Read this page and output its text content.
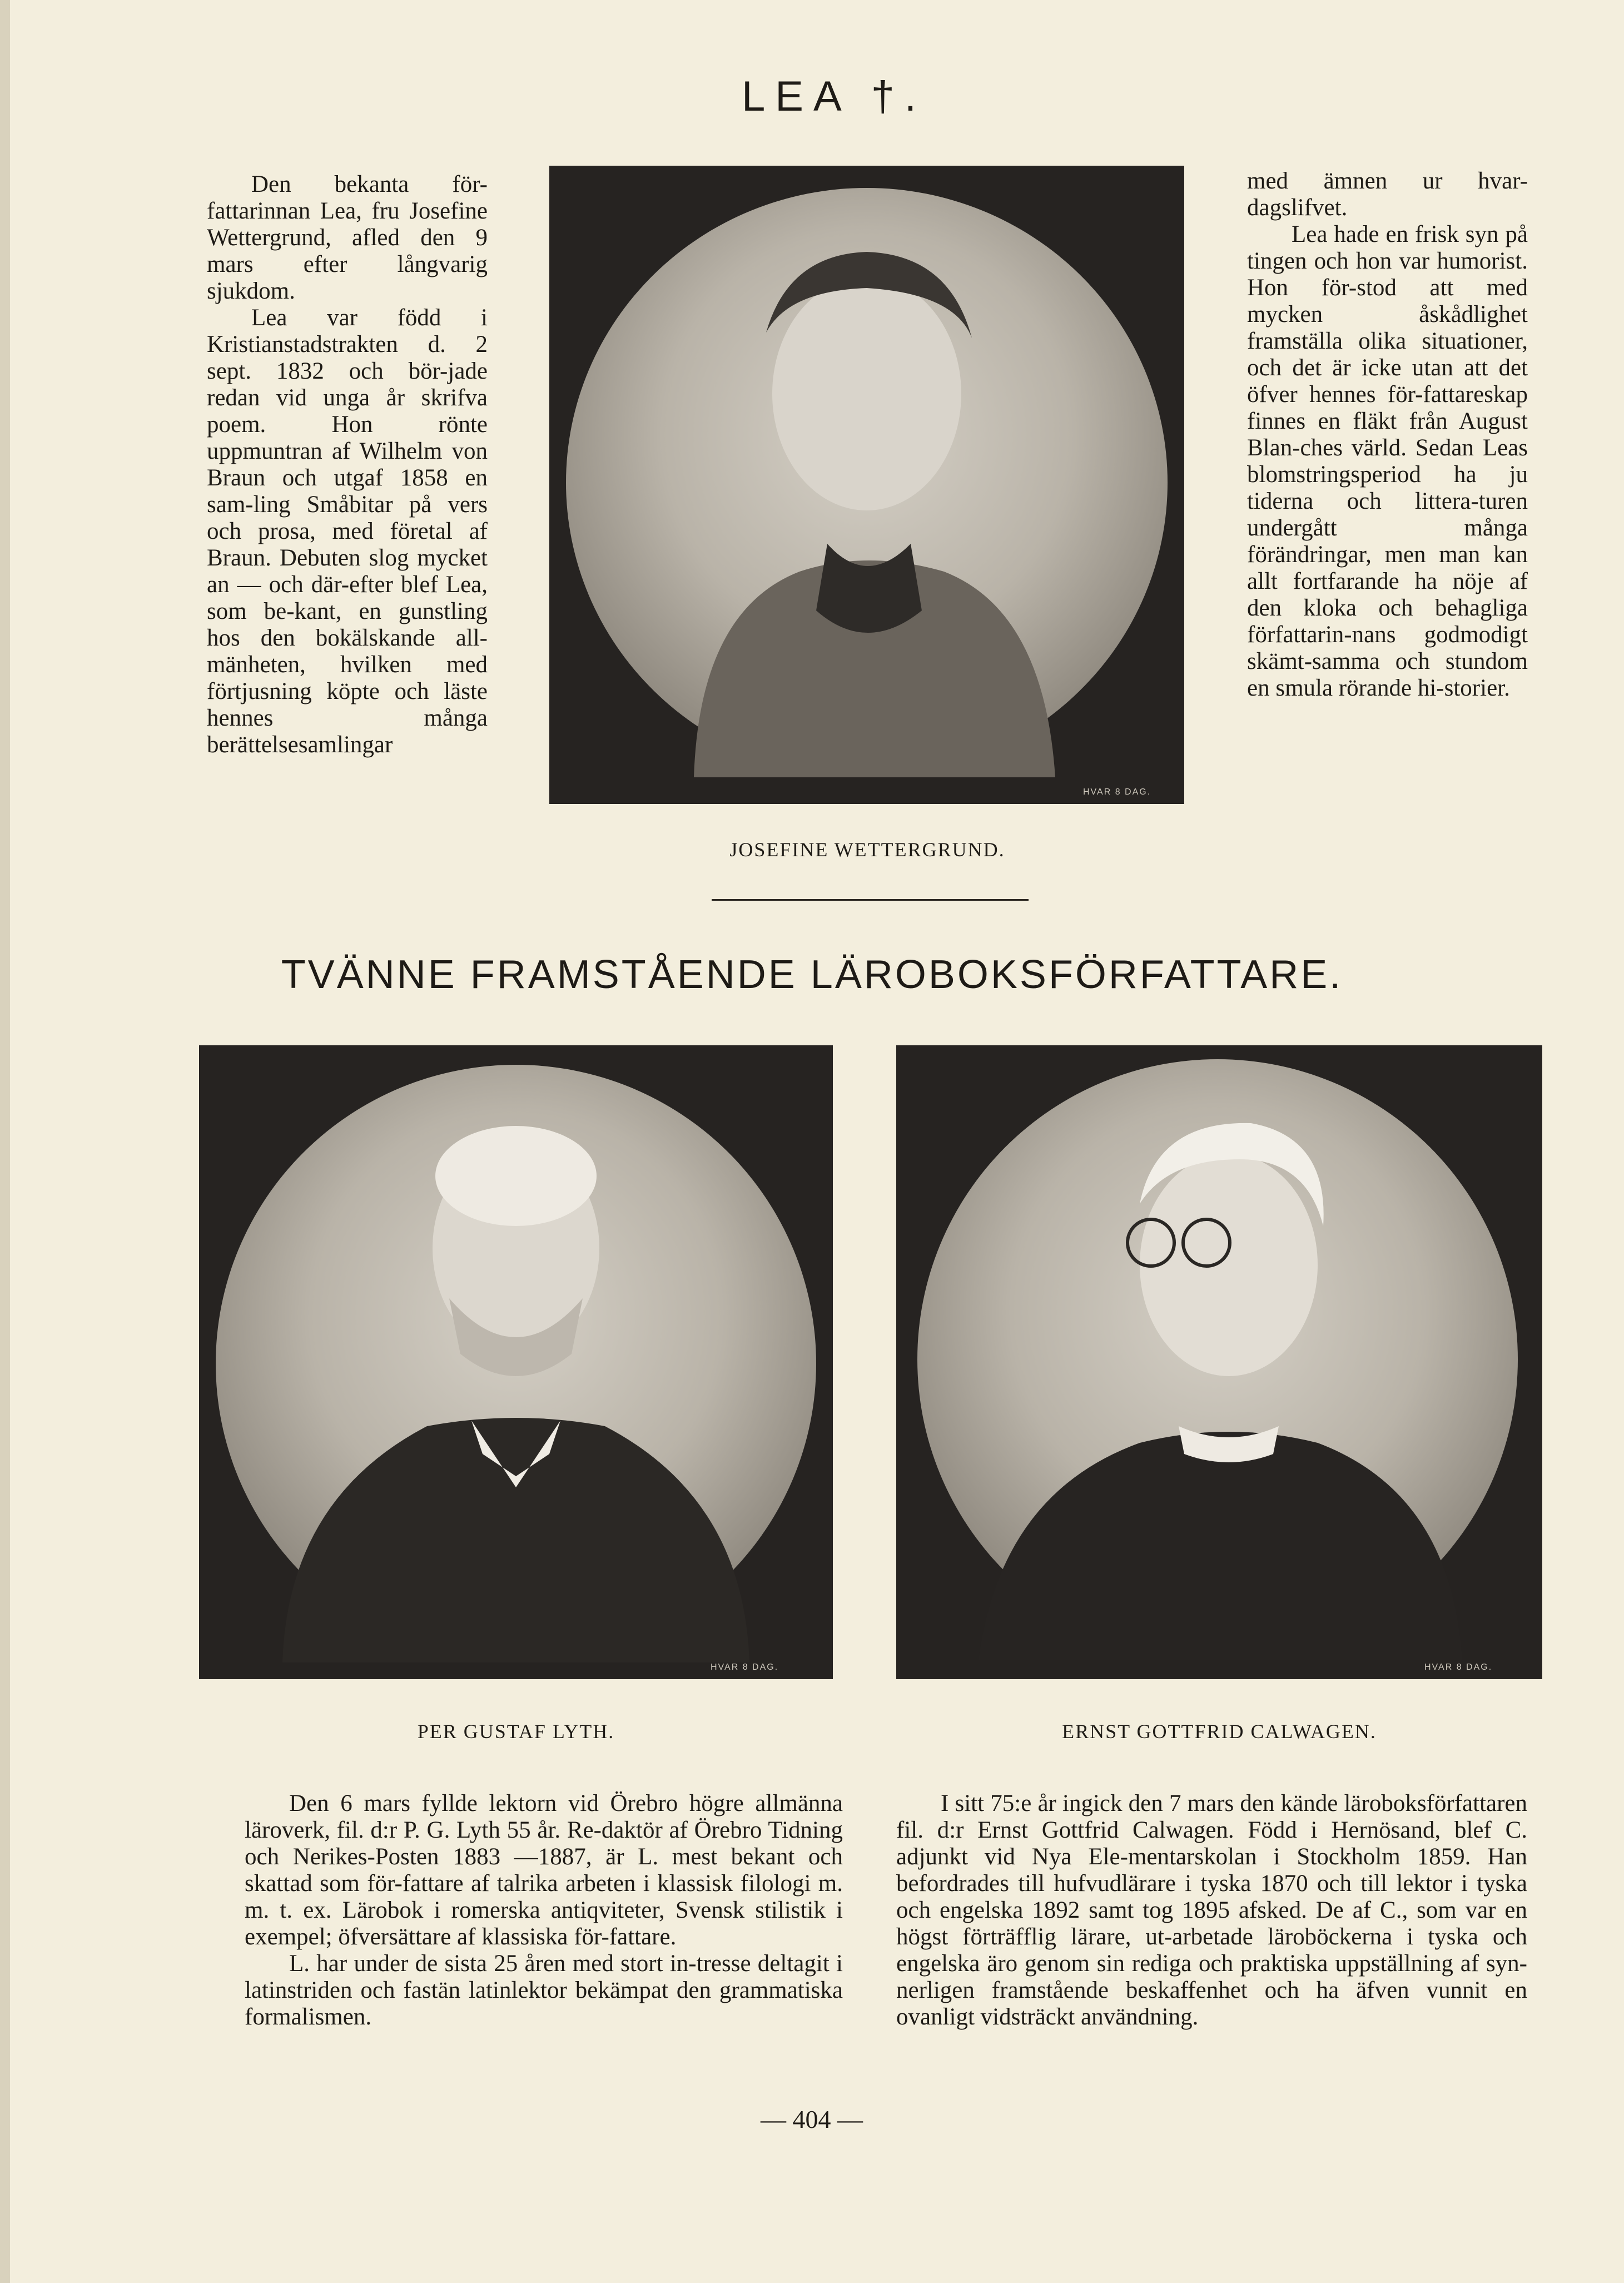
LEA †.

Den bekanta för-fattarinnan Lea, fru Josefine Wettergrund, afled den 9 mars efter långvarig sjukdom.

Lea var född i Kristianstadstrakten d. 2 sept. 1832 och bör-jade redan vid unga år skrifva poem. Hon rönte uppmuntran af Wilhelm von Braun och utgaf 1858 en sam-ling Småbitar på vers och prosa, med företal af Braun. Debuten slog mycket an — och där-efter blef Lea, som be-kant, en gunstling hos den bokälskande all-mänheten, hvilken med förtjusning köpte och läste hennes många berättelsesamlingar

HVAR 8 DAG.

med ämnen ur hvar-dagslifvet.

Lea hade en frisk syn på tingen och hon var humorist. Hon för-stod att med mycken åskådlighet framställa olika situationer, och det är icke utan att det öfver hennes för-fattareskap finnes en fläkt från August Blan-ches värld. Sedan Leas blomstringsperiod ha ju tiderna och littera-turen undergått många förändringar, men man kan allt fortfarande ha nöje af den kloka och behagliga författarin-nans godmodigt skämt-samma och stundom en smula rörande hi-storier.

JOSEFINE WETTERGRUND.
TVÄNNE FRAMSTÅENDE LÄROBOKSFÖRFATTARE.
HVAR 8 DAG.	HVAR 8 DAG.
PER GUSTAF LYTH.	ERNST GOTTFRID CALWAGEN.

Den 6 mars fyllde lektorn vid Örebro högre allmänna läroverk, fil. d:r P. G. Lyth 55 år. Re-daktör af Örebro Tidning och Nerikes-Posten 1883 —1887, är L. mest bekant och skattad som för-fattare af talrika arbeten i klassisk filologi m. m. t. ex. Lärobok i romerska antiqviteter, Svensk stilistik i exempel; öfversättare af klassiska för-fattare.

L. har under de sista 25 åren med stort in-tresse deltagit i latinstriden och fastän latinlektor bekämpat den grammatiska formalismen.

I sitt 75:e år ingick den 7 mars den kände läroboksförfattaren fil. d:r Ernst Gottfrid Calwagen. Född i Hernösand, blef C. adjunkt vid Nya Ele-mentarskolan i Stockholm 1859. Han befordrades till hufvudlärare i tyska 1870 och till lektor i tyska och engelska 1892 samt tog 1895 afsked. De af C., som var en högst förträfflig lärare, ut-arbetade läroböckerna i tyska och engelska äro genom sin rediga och praktiska uppställning af syn-nerligen framstående beskaffenhet och ha äfven vunnit en ovanligt vidsträckt användning.

— 404 —
